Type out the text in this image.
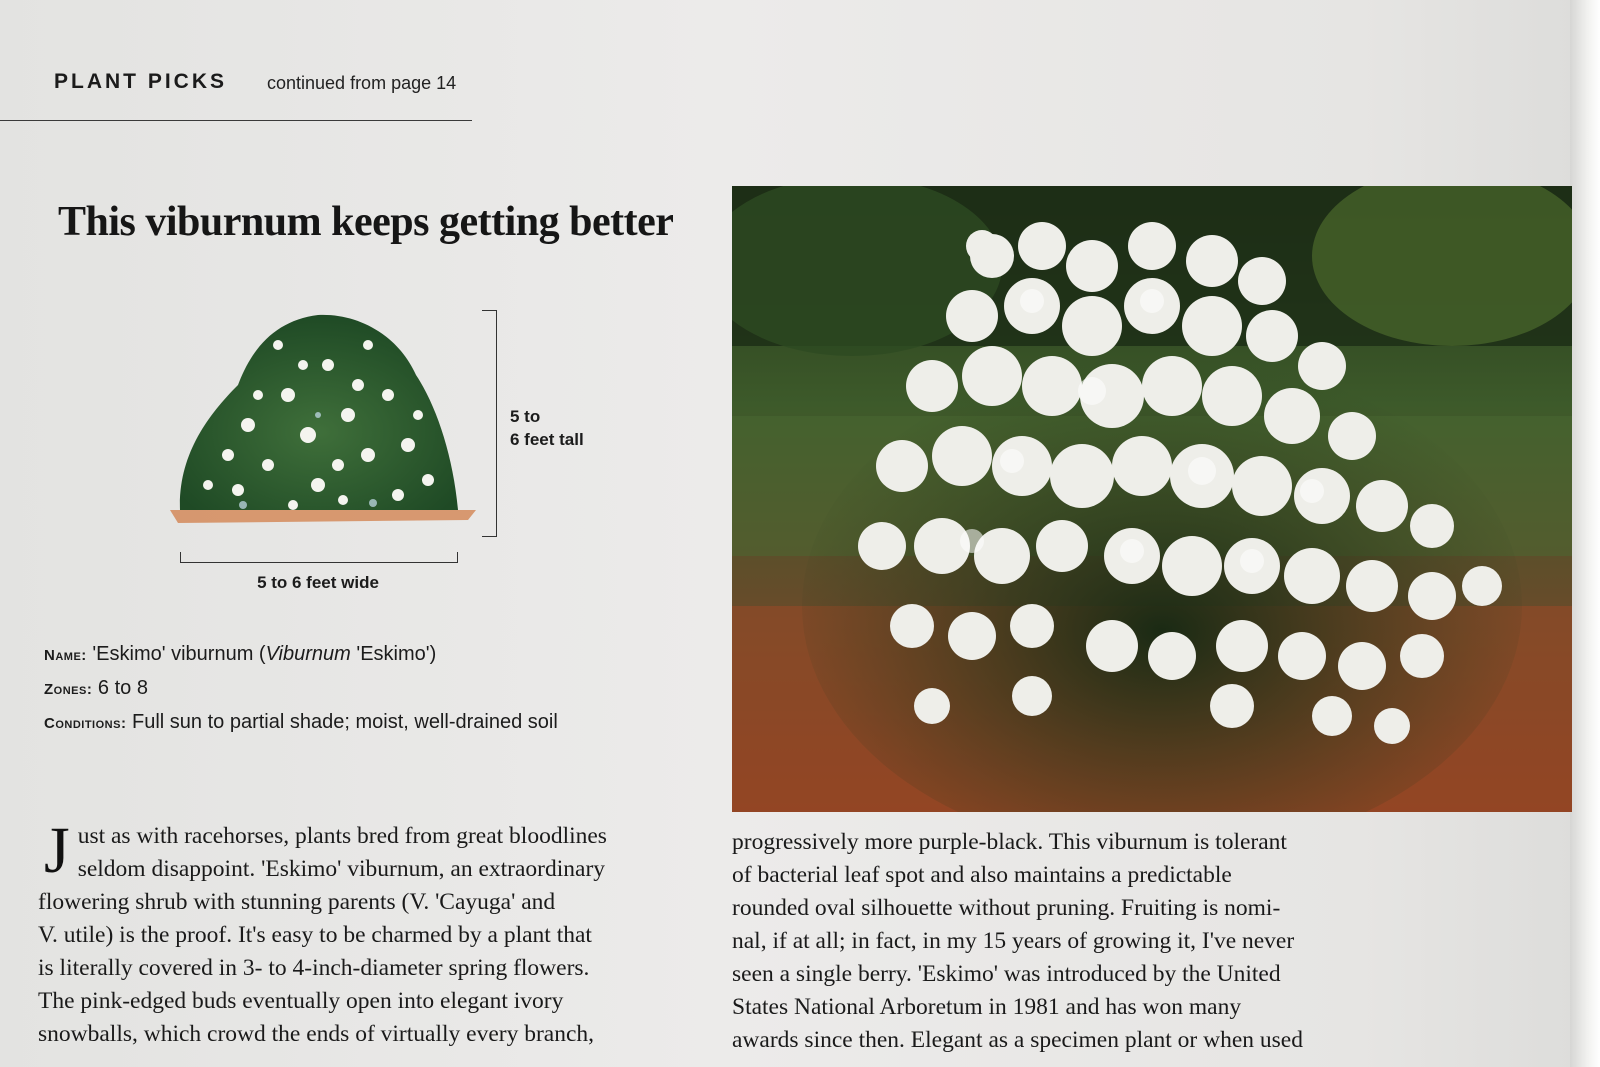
PLANT PICKS continued from page 14
This viburnum keeps getting better
5 to
6 feet tall
5 to 6 feet wide
Name: 'Eskimo' viburnum (Viburnum 'Eskimo')
Zones: 6 to 8
Conditions: Full sun to partial shade; moist, well-drained soil
J ust as with racehorses, plants bred from great bloodlines
seldom disappoint. 'Eskimo' viburnum, an extraordinary
flowering shrub with stunning parents (V. 'Cayuga' and
V. utile) is the proof. It's easy to be charmed by a plant that
is literally covered in 3- to 4-inch-diameter spring flowers.
The pink-edged buds eventually open into elegant ivory
snowballs, which crowd the ends of virtually every branch,
progressively more purple-black. This viburnum is tolerant
of bacterial leaf spot and also maintains a predictable
rounded oval silhouette without pruning. Fruiting is nomi-
nal, if at all; in fact, in my 15 years of growing it, I've never
seen a single berry. 'Eskimo' was introduced by the United
States National Arboretum in 1981 and has won many
awards since then. Elegant as a specimen plant or when used
